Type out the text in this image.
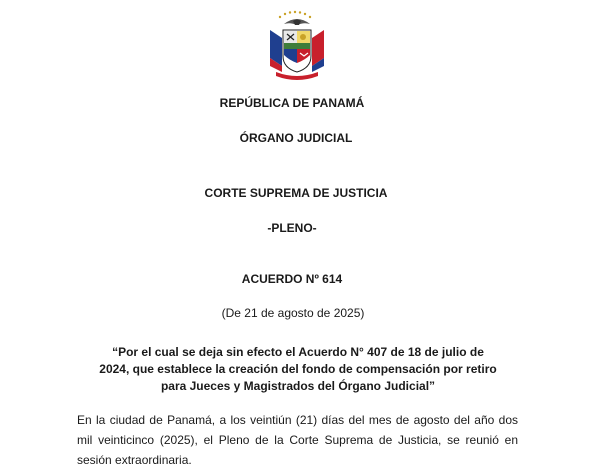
REPÚBLICA DE PANAMÁ
ÓRGANO JUDICIAL
CORTE SUPREMA DE JUSTICIA
-PLENO-
ACUERDO Nº 614
(De 21 de agosto de 2025)
“Por el cual se deja sin efecto el Acuerdo N° 407 de 18 de julio de 2024, que establece la creación del fondo de compensación por retiro para Jueces y Magistrados del Órgano Judicial”
En la ciudad de Panamá, a los veintiún (21) días del mes de agosto del año dos mil veinticinco (2025), el Pleno de la Corte Suprema de Justicia, se reunió en sesión extraordinaria.
